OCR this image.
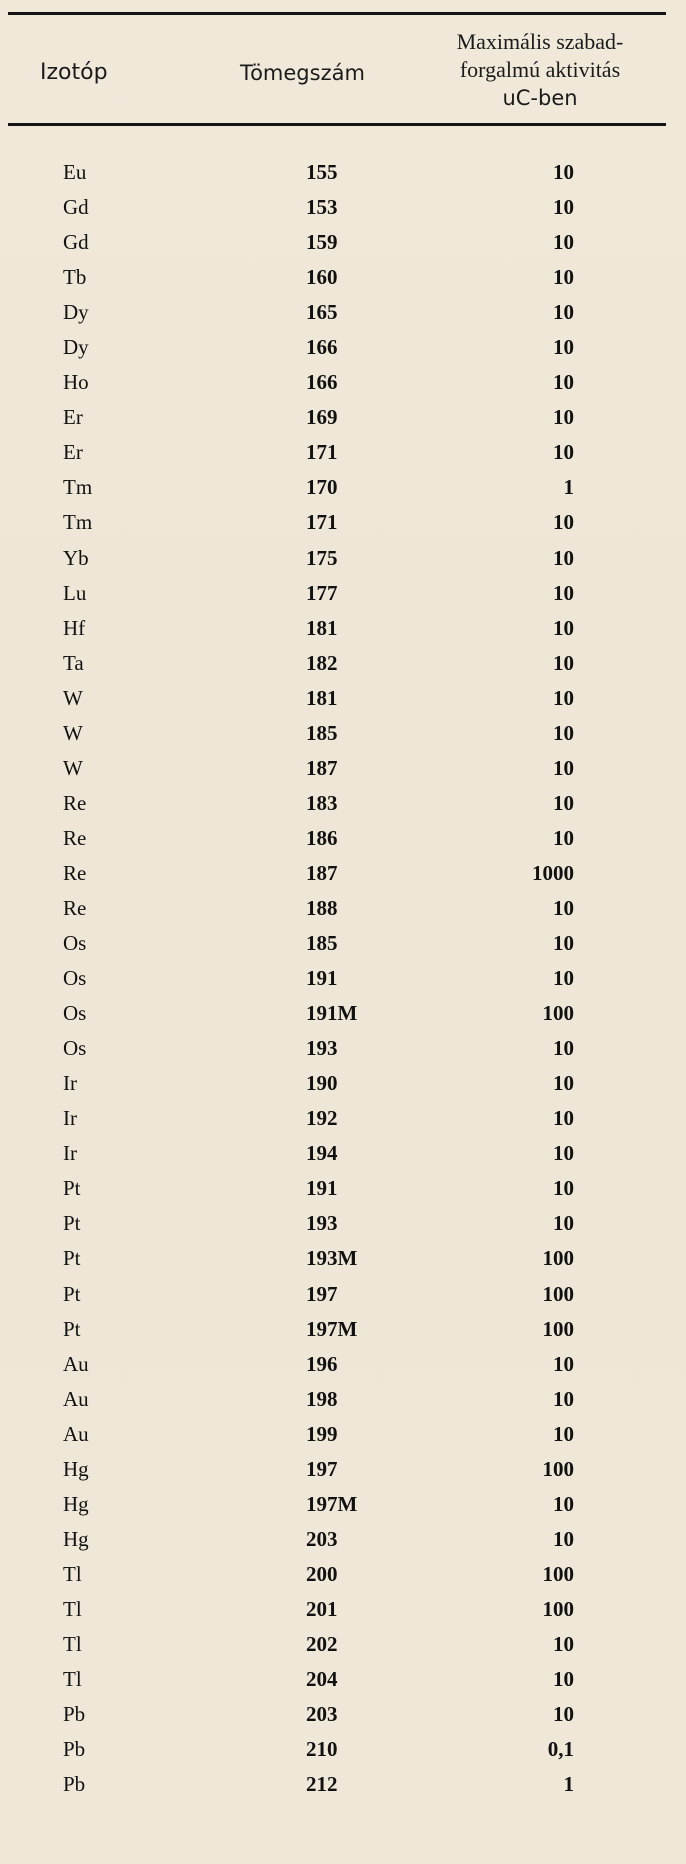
Izotóp	Tömegszám
Maximális szabad-
forgalmú aktivitás
uC-ben
Eu	155	10
Gd	153	10
Gd	159	10
Tb	160	10
Dy	165	10
Dy	166	10
Ho	166	10
Er	169	10
Er	171	10
Tm	170	1
Tm	171	10
Yb	175	10
Lu	177	10
Hf	181	10
Ta	182	10
W	181	10
W	185	10
W	187	10
Re	183	10
Re	186	10
Re	187	1000
Re	188	10
Os	185	10
Os	191	10
Os	191M	100
Os	193	10
Ir	190	10
Ir	192	10
Ir	194	10
Pt	191	10
Pt	193	10
Pt	193M	100
Pt	197	100
Pt	197M	100
Au	196	10
Au	198	10
Au	199	10
Hg	197	100
Hg	197M	10
Hg	203	10
Tl	200	100
Tl	201	100
Tl	202	10
Tl	204	10
Pb	203	10
Pb	210	0,1
Pb	212	1
